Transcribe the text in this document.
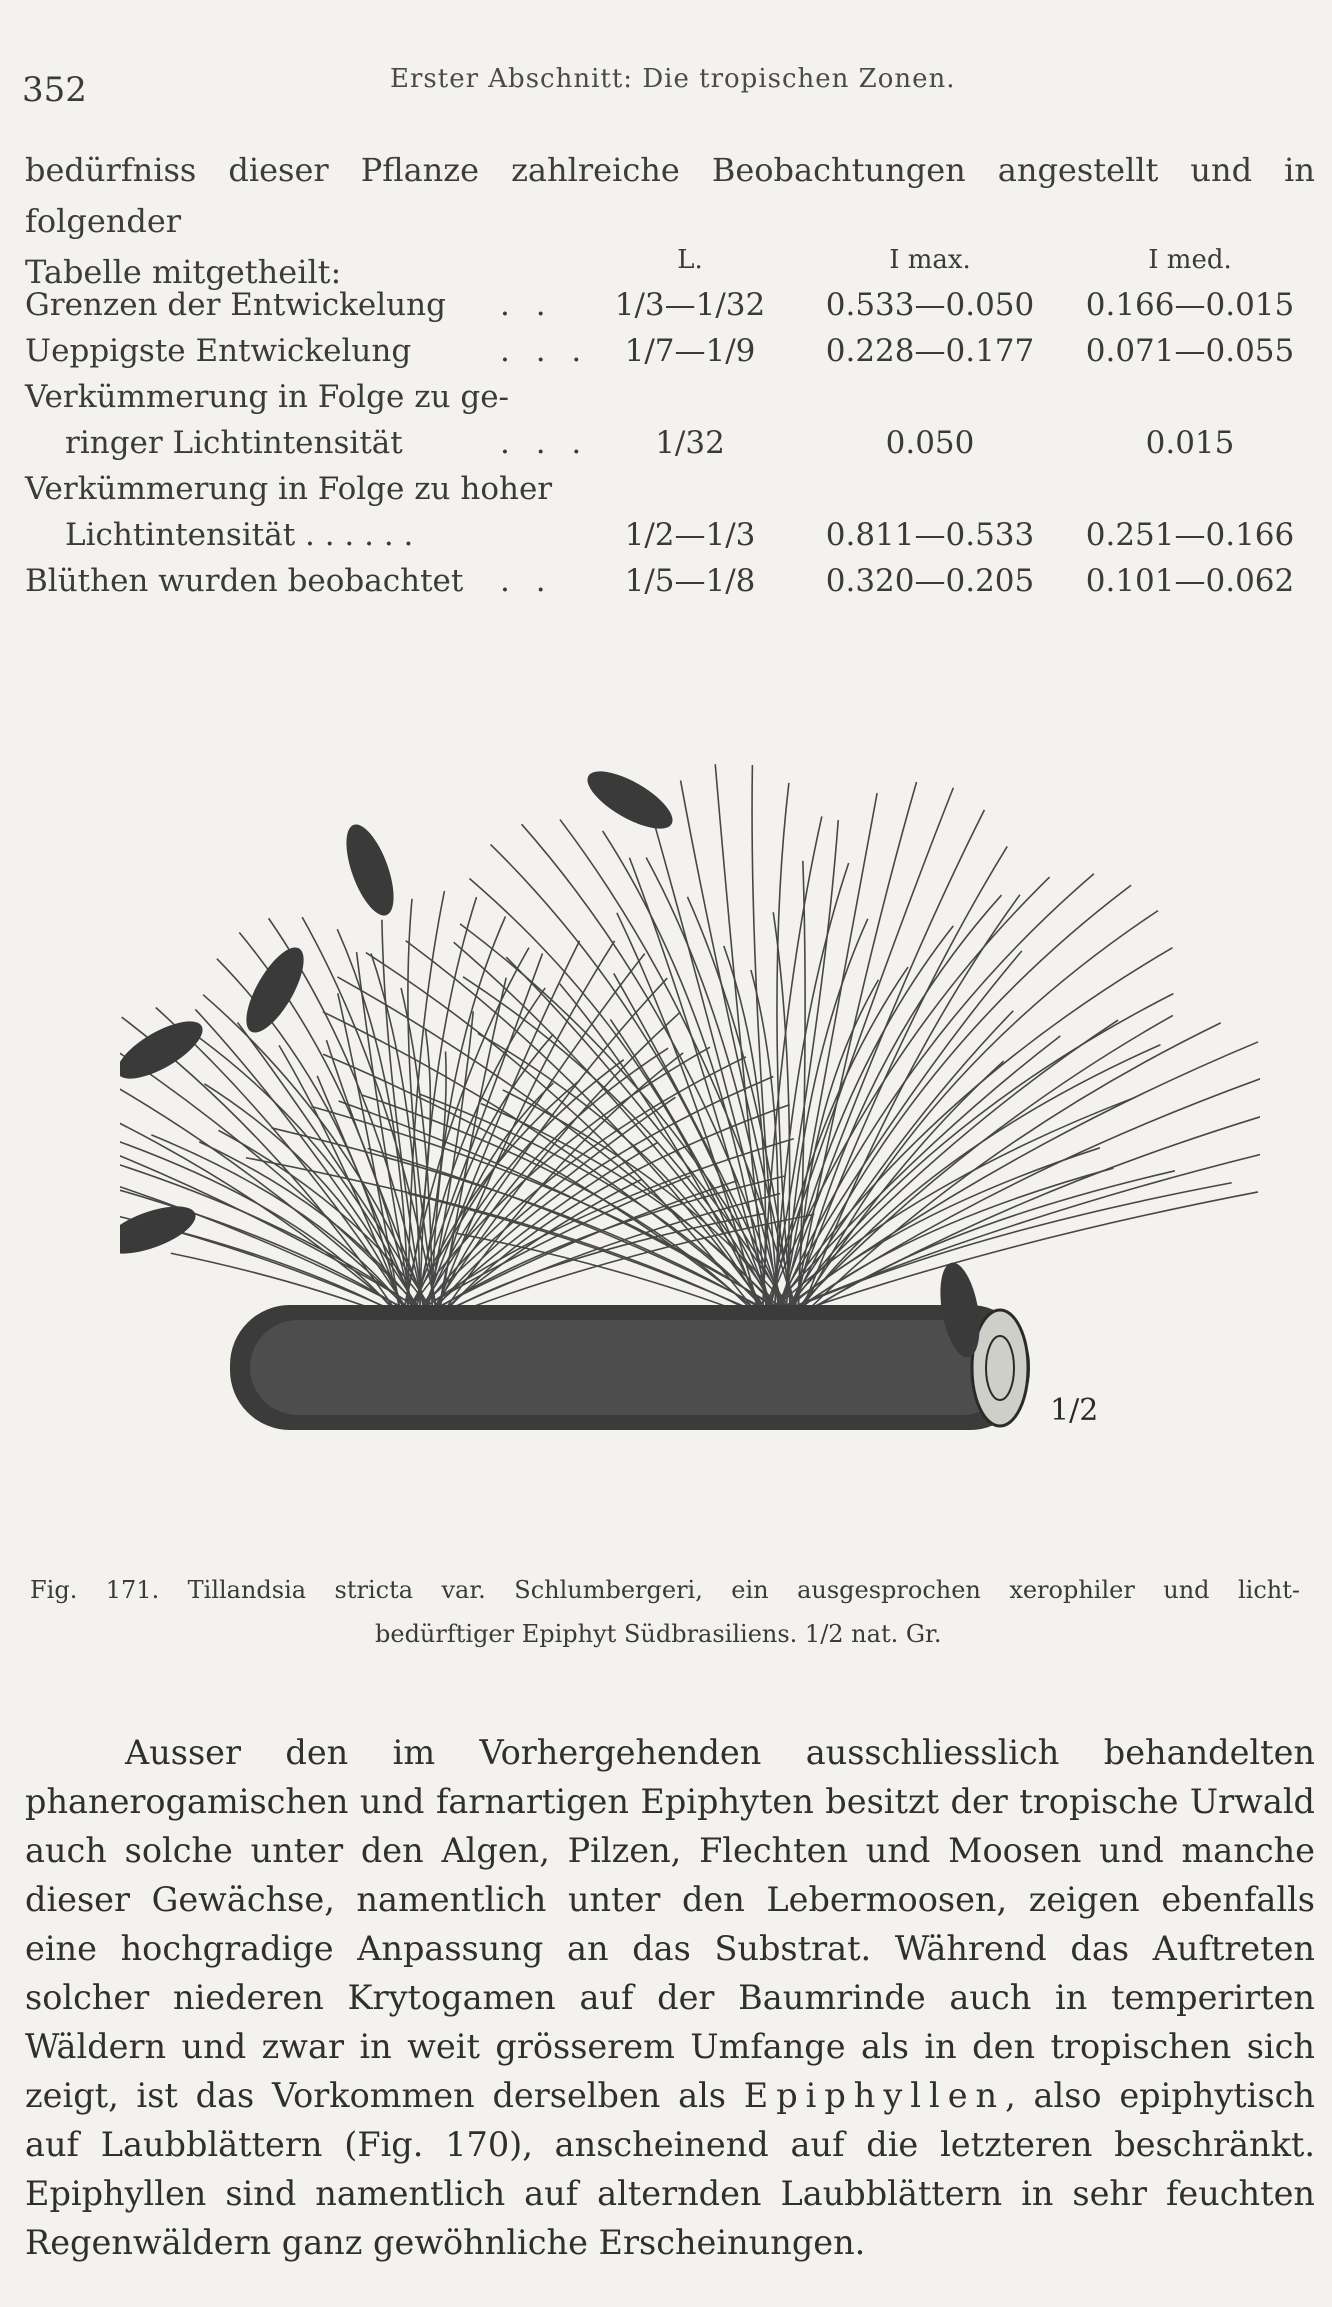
352	Erster Abschnitt: Die tropischen Zonen.
bedürfniss dieser Pflanze zahlreiche Beobachtungen angestellt und in folgender
Tabelle mitgetheilt:	L.	I max.	I med.
Grenzen der Entwickelung . .	1/3—1/32	0.533—0.050	0.166—0.015
Ueppigste Entwickelung	. . .	1/7—1/9	0.228—0.177	0.071—0.055
Verkümmerung in Folge zu ge-
ringer Lichtintensität	. . .	1/32	0.050	0.015
Verkümmerung in Folge zu hoher
Lichtintensität . . . . . .	1/2—1/3	0.811—0.533	0.251—0.166
Blüthen wurden beobachtet . .	1/5—1/8	0.320—0.205	0.101—0.062
1/2
Fig. 171. Tillandsia stricta var. Schlumbergeri, ein ausgesprochen xerophiler und licht-
bedürftiger Epiphyt Südbrasiliens. 1/2 nat. Gr.

Ausser den im Vorhergehenden ausschliesslich behandelten phanerogamischen und farnartigen Epiphyten besitzt der tropische Urwald auch solche unter den Algen, Pilzen, Flechten und Moosen und manche dieser Gewächse, namentlich unter den Lebermoosen, zeigen ebenfalls eine hochgradige Anpassung an das Substrat. Während das Auftreten solcher niederen Krytogamen auf der Baumrinde auch in temperirten Wäldern und zwar in weit grösserem Umfange als in den tropischen sich zeigt, ist das Vorkommen derselben als Epiphyllen, also epiphytisch auf Laubblättern (Fig. 170), anscheinend auf die letzteren beschränkt. Epiphyllen sind namentlich auf alternden Laubblättern in sehr feuchten Regenwäldern ganz gewöhnliche Erscheinungen.
